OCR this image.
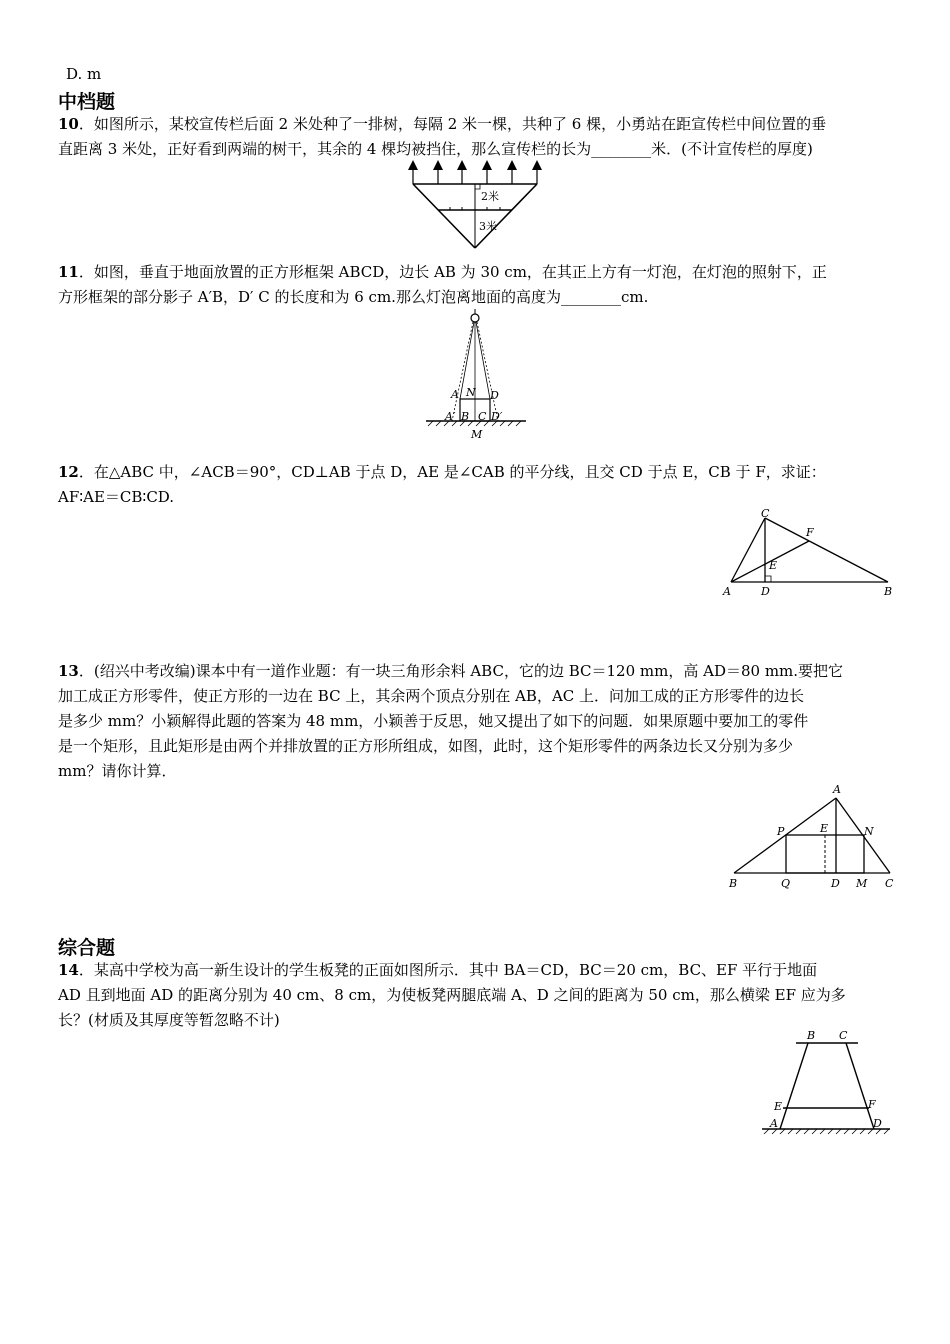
D. m
中档题
10．如图所示，某校宣传栏后面 2 米处种了一排树，每隔 2 米一棵，共种了 6 棵，小勇站在距宣传栏中间位置的垂
直距离 3 米处，正好看到两端的树干，其余的 4 棵均被挡住，那么宣传栏的长为________米．(不计宣传栏的厚度)
2米
3米
11．如图，垂直于地面放置的正方形框架 ABCD，边长 AB 为 30 cm，在其正上方有一灯泡，在灯泡的照射下，正
方形框架的部分影子 A′B，D′ C 的长度和为 6 cm.那么灯泡离地面的高度为________cm.
A N D
A′ B C D′
M
12．在△ABC 中，∠ACB＝90°，CD⊥AB 于点 D，AE 是∠CAB 的平分线，且交 CD 于点 E，CB 于 F，求证：
AF∶AE＝CB∶CD.
C
F
E
A	D	B
13．(绍兴中考改编)课本中有一道作业题：有一块三角形余料 ABC，它的边 BC＝120 mm，高 AD＝80 mm.要把它
加工成正方形零件，使正方形的一边在 BC 上，其余两个顶点分别在 AB，AC 上．问加工成的正方形零件的边长
是多少 mm？小颖解得此题的答案为 48 mm，小颖善于反思，她又提出了如下的问题．如果原题中要加工的零件
是一个矩形，且此矩形是由两个并排放置的正方形所组成，如图，此时，这个矩形零件的两条边长又分别为多少
mm？请你计算．
A
P	E	N
B	Q	D M C
综合题
14．某高中学校为高一新生设计的学生板凳的正面如图所示．其中 BA＝CD，BC＝20 cm，BC、EF 平行于地面
AD 且到地面 AD 的距离分别为 40 cm、8 cm，为使板凳两腿底端 A、D 之间的距离为 50 cm，那么横梁 EF 应为多
长？(材质及其厚度等暂忽略不计)
B C
E	F
A	D
